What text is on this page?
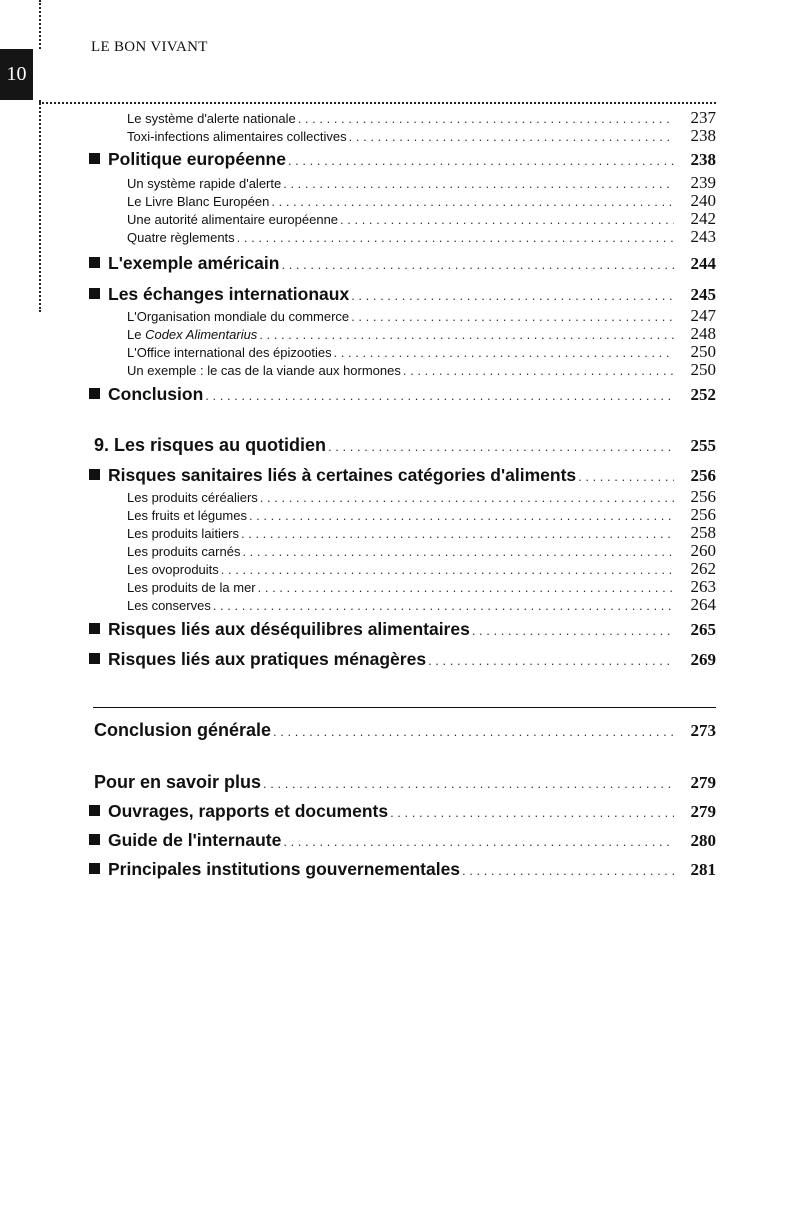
10
LE BON VIVANT
Le système d'alerte nationale . . .	237
Toxi-infections alimentaires collectives . . .	238
Politique européenne . . .	238
Un système rapide d'alerte . . .	239
Le Livre Blanc Européen . . .	240
Une autorité alimentaire européenne . . .	242
Quatre règlements . . .	243
L'exemple américain . . .	244
Les échanges internationaux . . .	245
L'Organisation mondiale du commerce . . .	247
Le Codex Alimentarius . . .	248
L'Office international des épizooties . . .	250
Un exemple : le cas de la viande aux hormones . . .	250
Conclusion . . .	252
9. Les risques au quotidien . . .	255
Risques sanitaires liés à certaines catégories d'aliments . . .	256
Les produits céréaliers . . .	256
Les fruits et légumes . . .	256
Les produits laitiers . . .	258
Les produits carnés . . .	260
Les ovoproduits . . .	262
Les produits de la mer . . .	263
Les conserves . . .	264
Risques liés aux déséquilibres alimentaires . . .	265
Risques liés aux pratiques ménagères . . .	269
Conclusion générale . . .	273
Pour en savoir plus . . .	279
Ouvrages, rapports et documents . . .	279
Guide de l'internaute . . .	280
Principales institutions gouvernementales . . .	281
